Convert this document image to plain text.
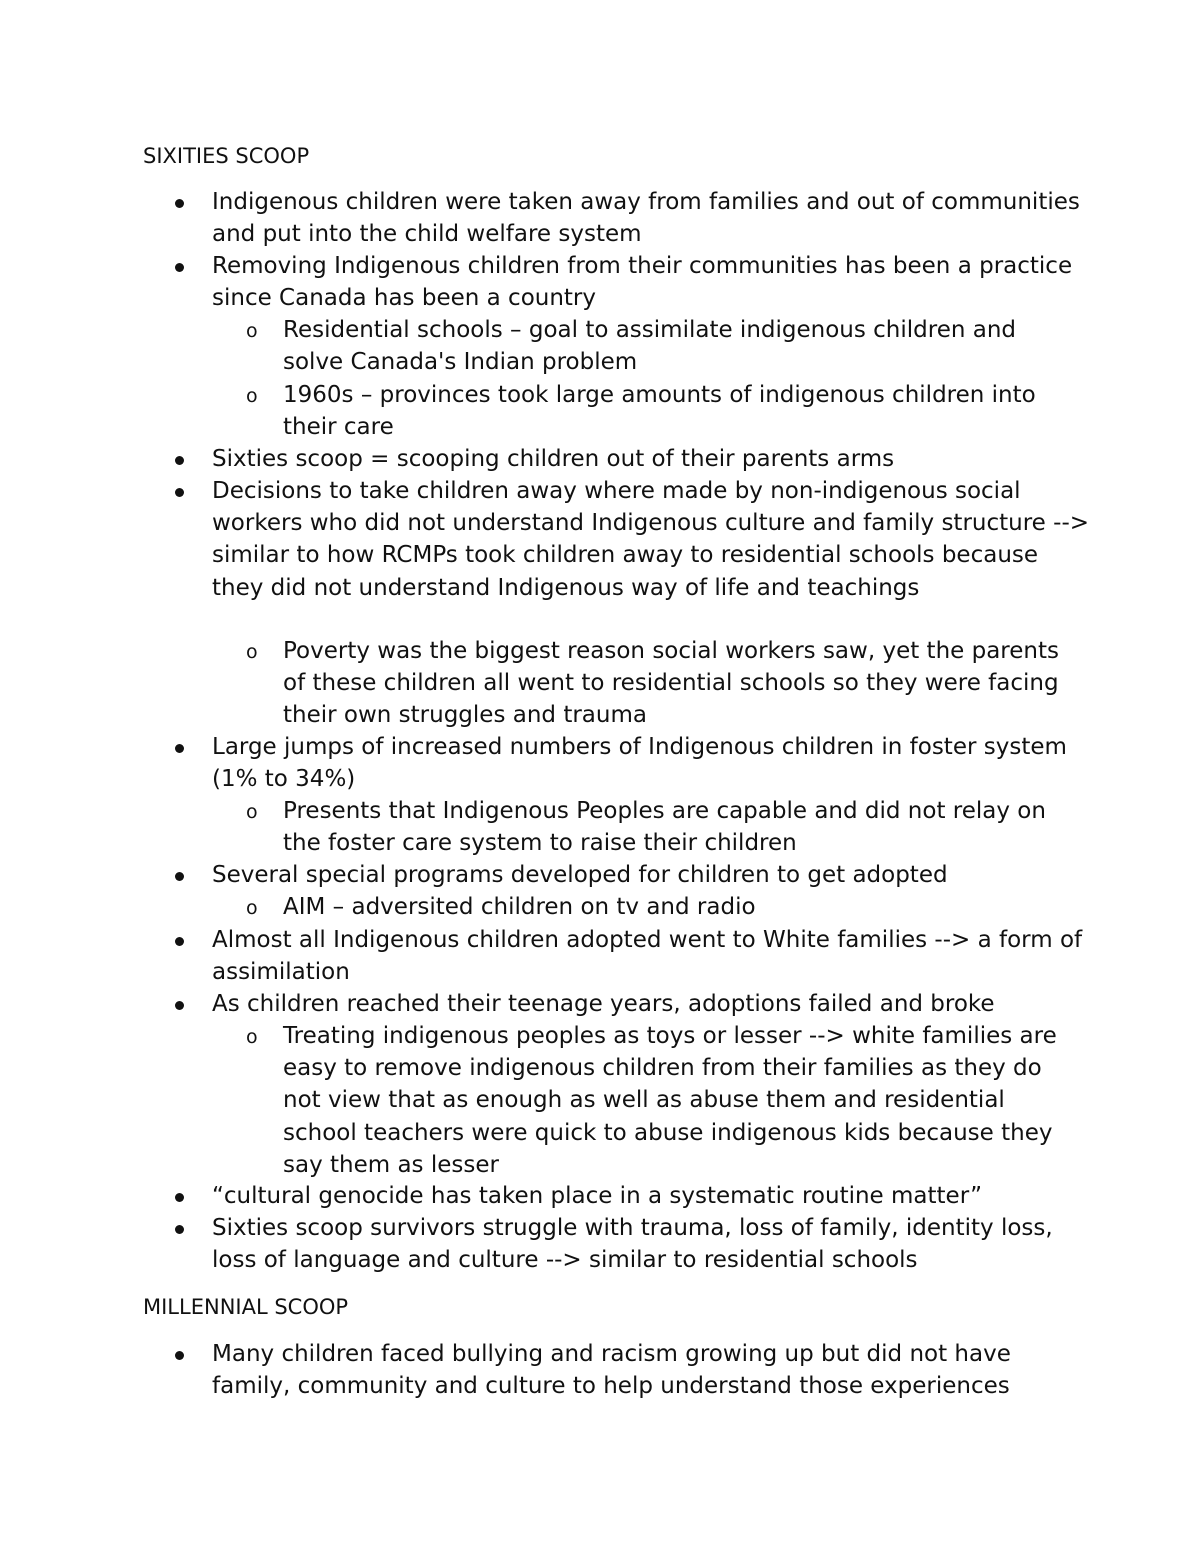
SIXITIES SCOOP

Indigenous children were taken away from families and out of communities and put into the child welfare system

Removing Indigenous children from their communities has been a practice since Canada has been a country

o Residential schools – goal to assimilate indigenous children and solve Canada's Indian problem

o 1960s – provinces took large amounts of indigenous children into their care

Sixties scoop = scooping children out of their parents arms

Decisions to take children away where made by non-indigenous social workers who did not understand Indigenous culture and family structure --> similar to how RCMPs took children away to residential schools because they did not understand Indigenous way of life and teachings

o Poverty was the biggest reason social workers saw, yet the parents of these children all went to residential schools so they were facing their own struggles and trauma

Large jumps of increased numbers of Indigenous children in foster system (1% to 34%)

o Presents that Indigenous Peoples are capable and did not relay on the foster care system to raise their children

Several special programs developed for children to get adopted

o AIM – adversited children on tv and radio

Almost all Indigenous children adopted went to White families --> a form of assimilation

As children reached their teenage years, adoptions failed and broke

o Treating indigenous peoples as toys or lesser --> white families are easy to remove indigenous children from their families as they do not view that as enough as well as abuse them and residential school teachers were quick to abuse indigenous kids because they say them as lesser

“cultural genocide has taken place in a systematic routine matter”

Sixties scoop survivors struggle with trauma, loss of family, identity loss, loss of language and culture --> similar to residential schools

MILLENNIAL SCOOP

Many children faced bullying and racism growing up but did not have family, community and culture to help understand those experiences
